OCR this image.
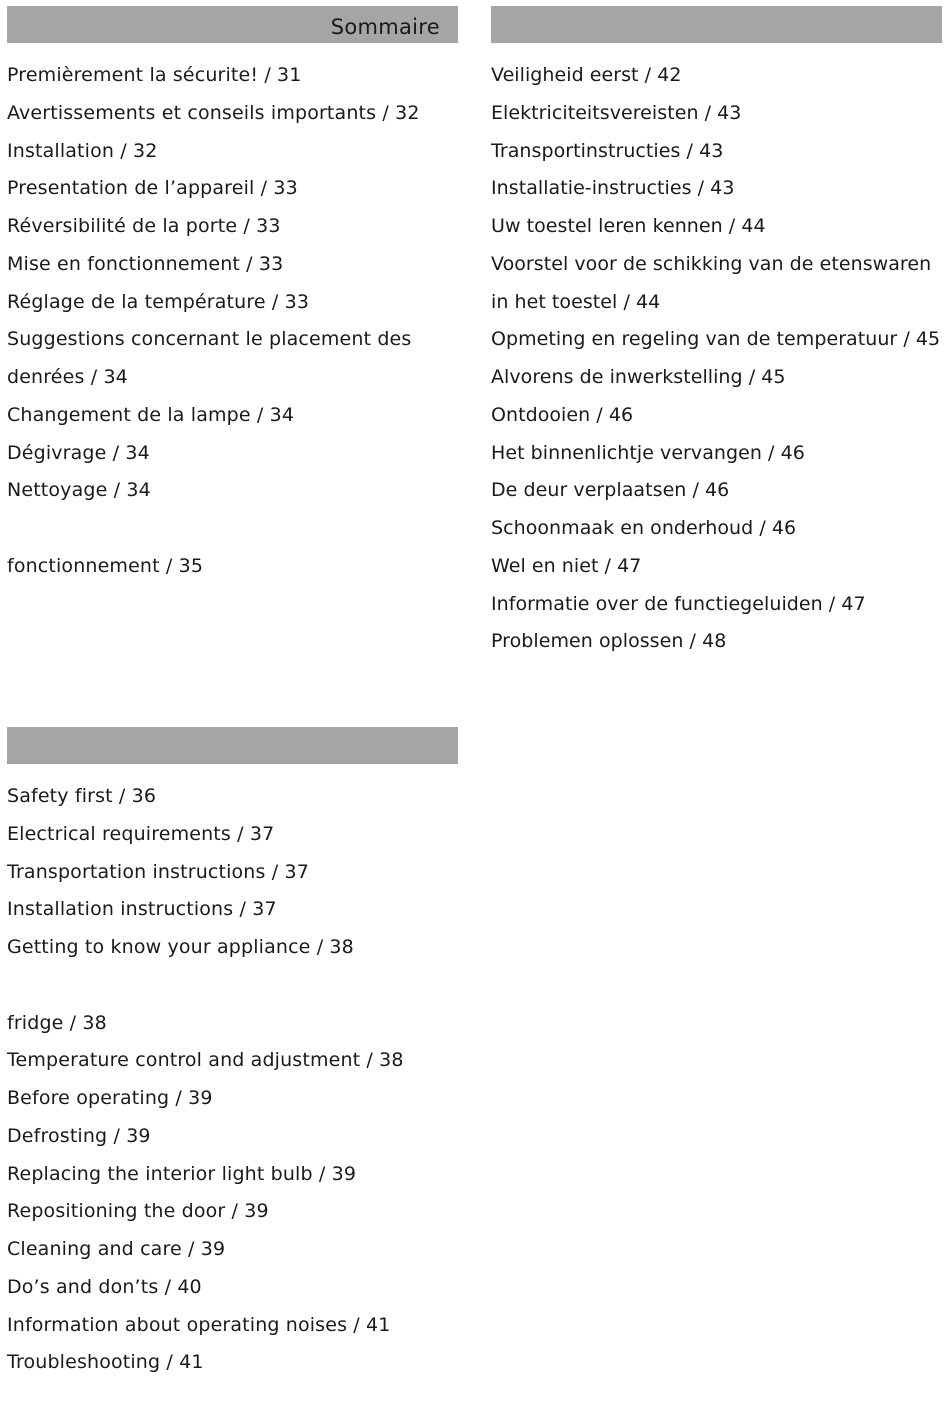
Sommaire
Premièrement la sécurite! / 31
Avertissements et conseils importants / 32
Installation / 32
Presentation de l’appareil / 33
Réversibilité de la porte / 33
Mise en fonctionnement / 33
Réglage de la température / 33
Suggestions concernant le placement des
denrées / 34
Changement de la lampe / 34
Dégivrage / 34
Nettoyage / 34
fonctionnement / 35
Veiligheid eerst / 42
Elektriciteitsvereisten / 43
Transportinstructies / 43
Installatie-instructies / 43
Uw toestel leren kennen / 44
Voorstel voor de schikking van de etenswaren
in het toestel / 44
Opmeting en regeling van de temperatuur / 45
Alvorens de inwerkstelling / 45
Ontdooien / 46
Het binnenlichtje vervangen / 46
De deur verplaatsen / 46
Schoonmaak en onderhoud / 46
Wel en niet / 47
Informatie over de functiegeluiden / 47
Problemen oplossen / 48
Safety first / 36
Electrical requirements / 37
Transportation instructions / 37
Installation instructions / 37
Getting to know your appliance / 38
fridge / 38
Temperature control and adjustment / 38
Before operating / 39
Defrosting / 39
Replacing the interior light bulb / 39
Repositioning the door / 39
Cleaning and care / 39
Do’s and don’ts / 40
Information about operating noises / 41
Troubleshooting / 41
